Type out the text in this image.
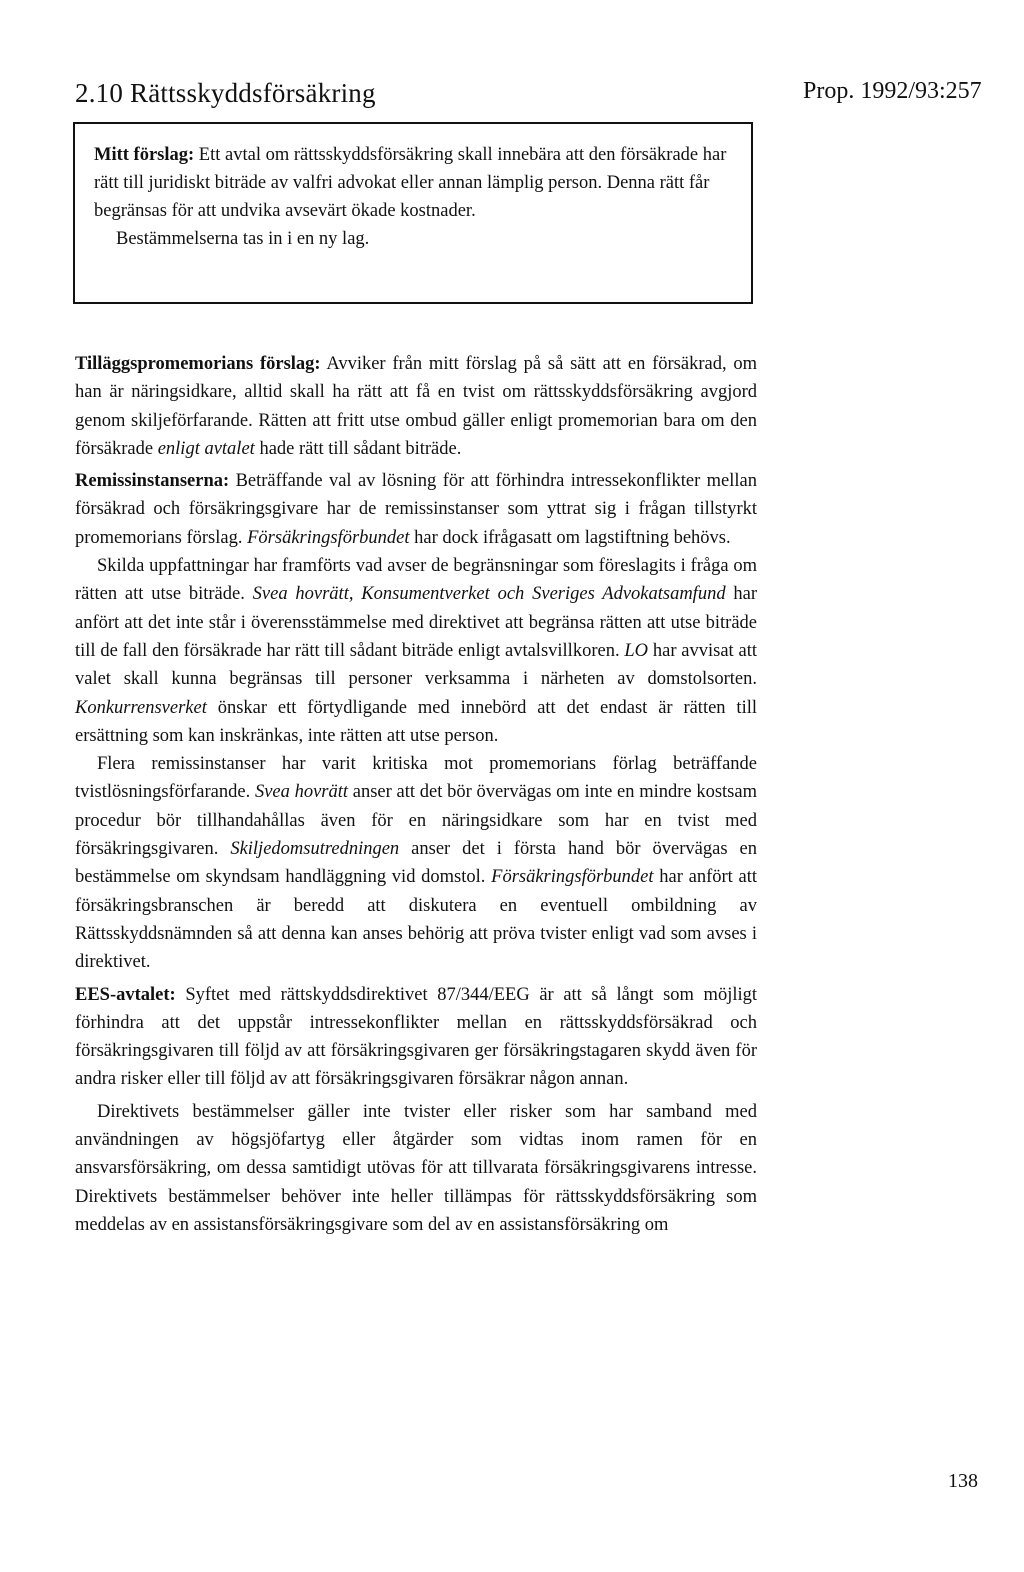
2.10 Rättsskyddsförsäkring	Prop. 1992/93:257

Mitt förslag: Ett avtal om rättsskyddsförsäkring skall innebära att den försäkrade har rätt till juridiskt biträde av valfri advokat eller annan lämplig person. Denna rätt får begränsas för att undvika avsevärt ökade kostnader.

Bestämmelserna tas in i en ny lag.

Tilläggspromemorians förslag: Avviker från mitt förslag på så sätt att en försäkrad, om han är näringsidkare, alltid skall ha rätt att få en tvist om rättsskyddsförsäkring avgjord genom skiljeförfarande. Rätten att fritt utse ombud gäller enligt promemorian bara om den försäkrade enligt avtalet hade rätt till sådant biträde.

Remissinstanserna: Beträffande val av lösning för att förhindra intressekonflikter mellan försäkrad och försäkringsgivare har de remissinstanser som yttrat sig i frågan tillstyrkt promemorians förslag. Försäkringsförbundet har dock ifrågasatt om lagstiftning behövs.

Skilda uppfattningar har framförts vad avser de begränsningar som föreslagits i fråga om rätten att utse biträde. Svea hovrätt, Konsumentverket och Sveriges Advokatsamfund har anfört att det inte står i överensstämmelse med direktivet att begränsa rätten att utse biträde till de fall den försäkrade har rätt till sådant biträde enligt avtalsvillkoren. LO har avvisat att valet skall kunna begränsas till personer verksamma i närheten av domstolsorten. Konkurrensverket önskar ett förtydligande med innebörd att det endast är rätten till ersättning som kan inskränkas, inte rätten att utse person.

Flera remissinstanser har varit kritiska mot promemorians förlag beträffande tvistlösningsförfarande. Svea hovrätt anser att det bör övervägas om inte en mindre kostsam procedur bör tillhandahållas även för en näringsidkare som har en tvist med försäkringsgivaren. Skiljedomsutredningen anser det i första hand bör övervägas en bestämmelse om skyndsam handläggning vid domstol. Försäkringsförbundet har anfört att försäkringsbranschen är beredd att diskutera en eventuell ombildning av Rättsskyddsnämnden så att denna kan anses behörig att pröva tvister enligt vad som avses i direktivet.

EES-avtalet: Syftet med rättskyddsdirektivet 87/344/EEG är att så långt som möjligt förhindra att det uppstår intressekonflikter mellan en rättsskyddsförsäkrad och försäkringsgivaren till följd av att försäkringsgivaren ger försäkringstagaren skydd även för andra risker eller till följd av att försäkringsgivaren försäkrar någon annan.

Direktivets bestämmelser gäller inte tvister eller risker som har samband med användningen av högsjöfartyg eller åtgärder som vidtas inom ramen för en ansvarsförsäkring, om dessa samtidigt utövas för att tillvarata försäkringsgivarens intresse. Direktivets bestämmelser behöver inte heller tillämpas för rättsskyddsförsäkring som meddelas av en assistansförsäkringsgivare som del av en assistansförsäkring om

138
